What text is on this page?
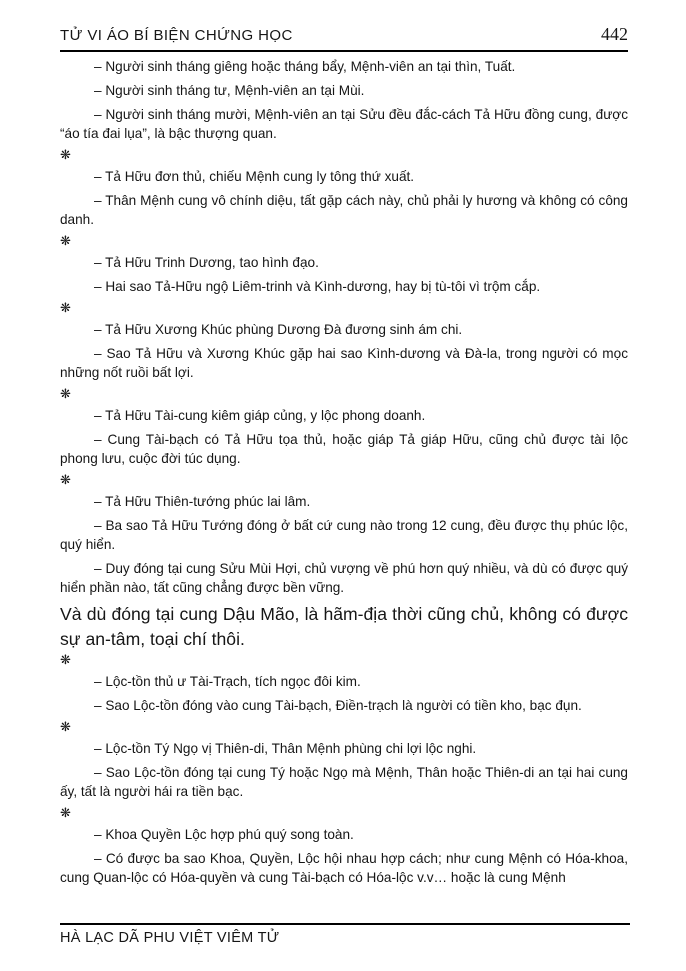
TỬ VI ÁO BÍ BIỆN CHỨNG HỌC	442

– Người sinh tháng giêng hoặc tháng bẩy, Mệnh-viên an tại thìn, Tuất.

– Người sinh tháng tư, Mệnh-viên an tại Mùi.

– Người sinh tháng mười, Mệnh-viên an tại Sửu đều đắc-cách Tả Hữu đồng cung, được “áo tía đai lụa”, là bậc thượng quan.

❋

– Tả Hữu đơn thủ, chiếu Mệnh cung ly tông thứ xuất.

– Thân Mệnh cung vô chính diệu, tất gặp cách này, chủ phải ly hương và không có công danh.

❋

– Tả Hữu Trinh Dương, tao hình đạo.

– Hai sao Tả-Hữu ngộ Liêm-trinh và Kình-dương, hay bị tù-tôi vì trộm cắp.

❋

– Tả Hữu Xương Khúc phùng Dương Đà đương sinh ám chi.

– Sao Tả Hữu và Xương Khúc gặp hai sao Kình-dương và Đà-la, trong người có mọc những nốt ruồi bất lợi.

❋

– Tả Hữu Tài-cung kiêm giáp củng, y lộc phong doanh.

– Cung Tài-bạch có Tả Hữu tọa thủ, hoặc giáp Tả giáp Hữu, cũng chủ được tài lộc phong lưu, cuộc đời túc dụng.

❋

– Tả Hữu Thiên-tướng phúc lai lâm.

– Ba sao Tả Hữu Tướng đóng ở bất cứ cung nào trong 12 cung, đều được thụ phúc lộc, quý hiển.

– Duy đóng tại cung Sửu Mùi Hợi, chủ vượng về phú hơn quý nhiều, và dù có được quý hiển phần nào, tất cũng chẳng được bền vững.

Và dù đóng tại cung Dậu Mão, là hãm-địa thời cũng chủ, không có được sự an-tâm, toại chí thôi.

❋

– Lộc-tồn thủ ư Tài-Trạch, tích ngọc đôi kim.

– Sao Lộc-tồn đóng vào cung Tài-bạch, Điền-trạch là người có tiền kho, bạc đụn.

❋

– Lộc-tồn Tý Ngọ vị Thiên-di, Thân Mệnh phùng chi lợi lộc nghi.

– Sao Lộc-tồn đóng tại cung Tý hoặc Ngọ mà Mệnh, Thân hoặc Thiên-di an tại hai cung ấy, tất là người hái ra tiền bạc.

❋

– Khoa Quyền Lộc hợp phú quý song toàn.

– Có được ba sao Khoa, Quyền, Lộc hội nhau hợp cách; như cung Mệnh có Hóa-khoa, cung Quan-lộc có Hóa-quyền và cung Tài-bạch có Hóa-lộc v.v… hoặc là cung Mệnh

HÀ LẠC DÃ PHU VIỆT VIÊM TỬ
